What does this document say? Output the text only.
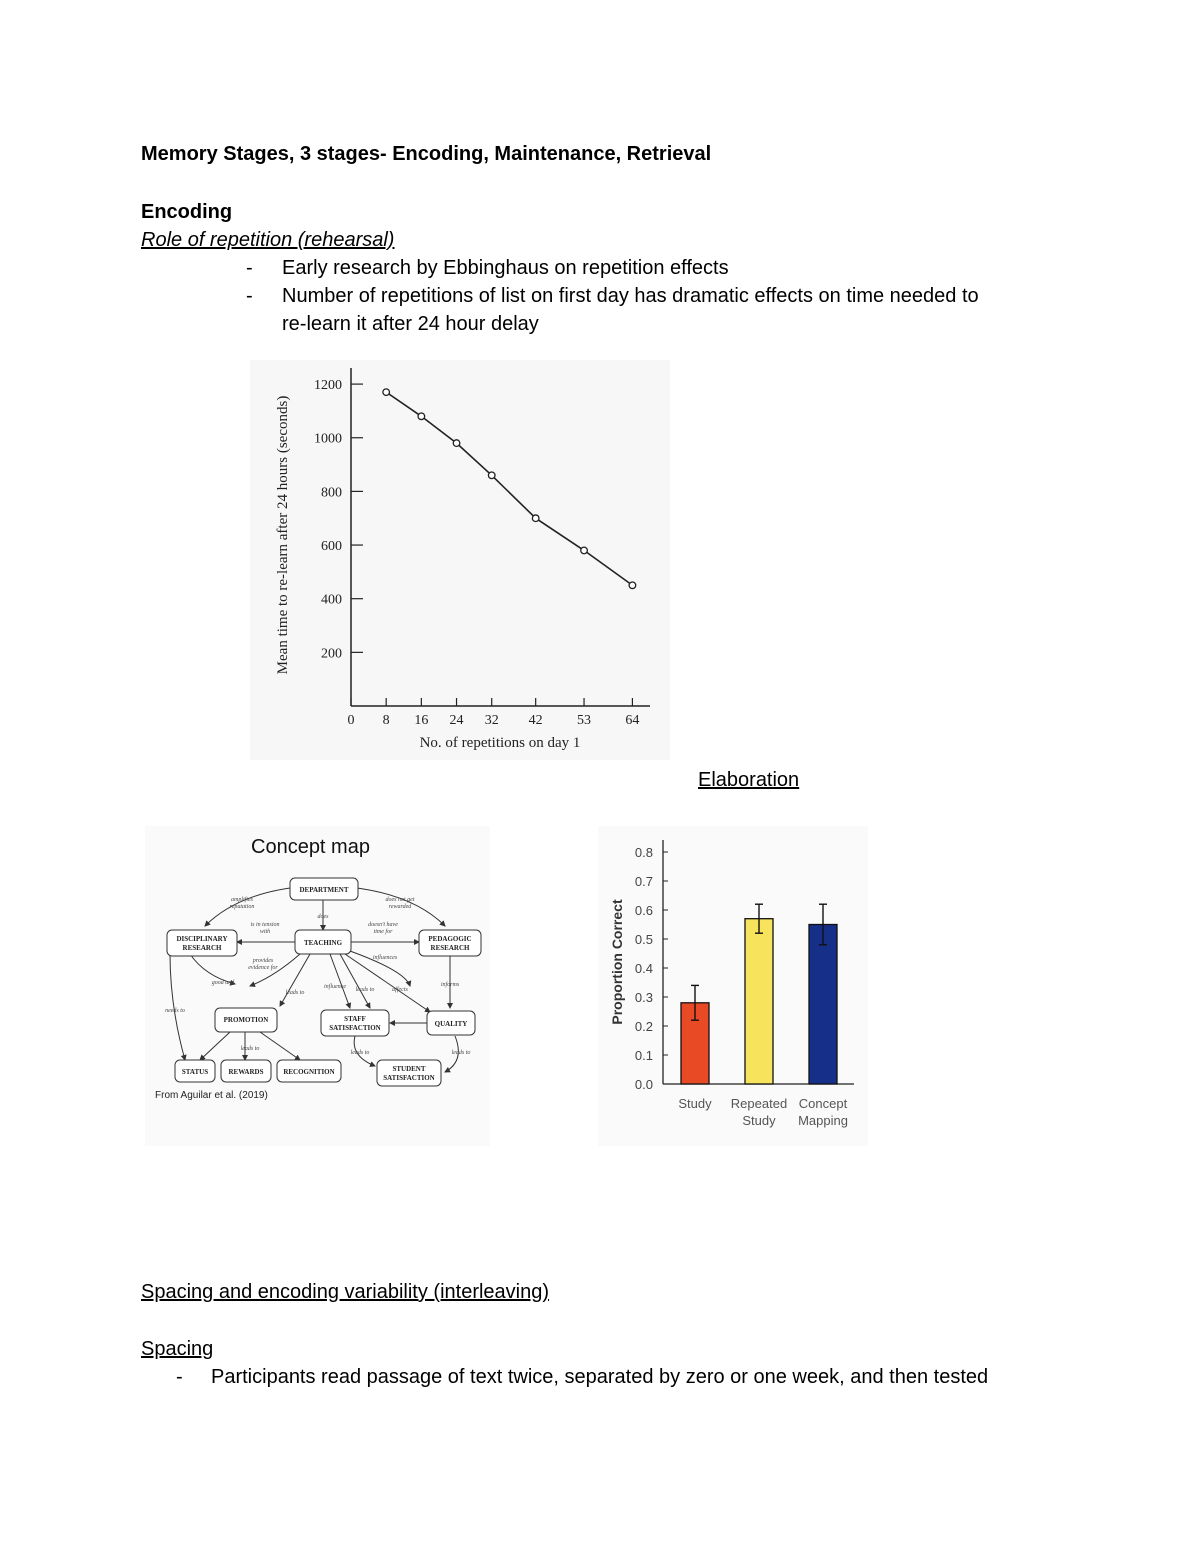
Memory Stages, 3 stages- Encoding, Maintenance, Retrieval
Encoding
Role of repetition (rehearsal)
- Early research by Ebbinghaus on repetition effects
- Number of repetitions of list on first day has dramatic effects on time needed to
re-learn it after 24 hour delay
200
400
600
800
1000
1200
0 8 16 24 32 42 53 64
Mean time to re-learn after 24 hours (seconds)
No. of repetitions on day 1
Elaboration
Concept map
DEPARTMENT
DISCIPLINARY
RESEARCH
TEACHING	PEDAGOGIC
RESEARCH
PROMOTION	STAFF
SATISFACTION	QUALITY
STATUS	REWARDS	RECOGNITION	STUDENT
SATISFACTION
amplifies
reputation
does not get
rewarded
does
is in tension
with
doesn't have
time for
provides
evidence for
good and
influences
leads to
needs to
influence	informs
affects
leads to
leads to
leads to	leads to
From Aguilar et al. (2019)
0.0
0.1
0.2
0.3
0.4
0.5
0.6
0.7
0.8
Study Repeated
Study
Concept
Mapping
Proportion Correct
Spacing and encoding variability (interleaving)
Spacing
- Participants read passage of text twice, separated by zero or one week, and then tested
